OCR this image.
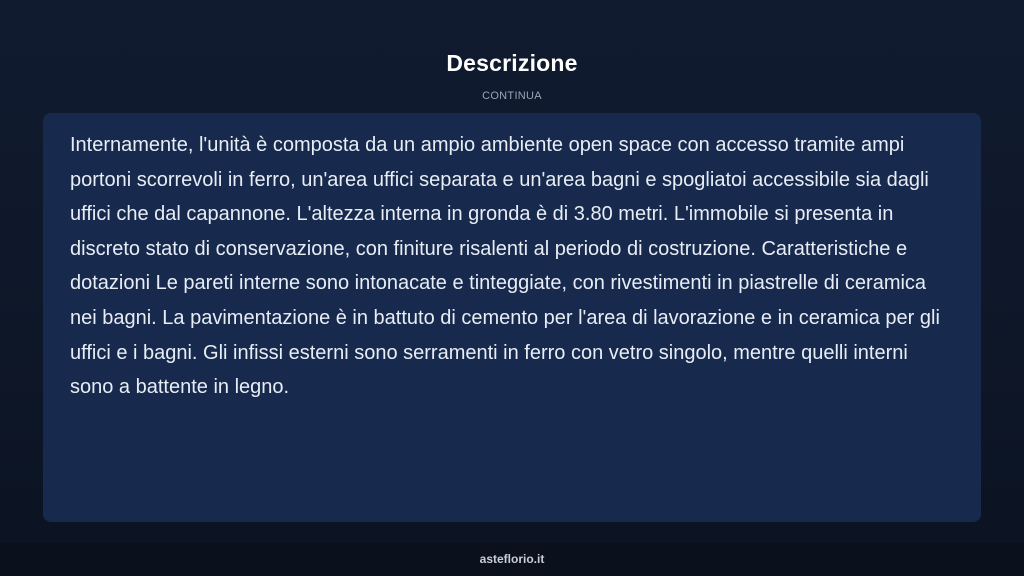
Descrizione
CONTINUA

Internamente, l'unità è composta da un ampio ambiente open space con accesso tramite ampi portoni scorrevoli in ferro, un'area uffici separata e un'area bagni e spogliatoi accessibile sia dagli uffici che dal capannone. L'altezza interna in gronda è di 3.80 metri. L'immobile si presenta in discreto stato di conservazione, con finiture risalenti al periodo di costruzione. Caratteristiche e dotazioni Le pareti interne sono intonacate e tinteggiate, con rivestimenti in piastrelle di ceramica nei bagni. La pavimentazione è in battuto di cemento per l'area di lavorazione e in ceramica per gli uffici e i bagni. Gli infissi esterni sono serramenti in ferro con vetro singolo, mentre quelli interni sono a battente in legno.

asteflorio.it
